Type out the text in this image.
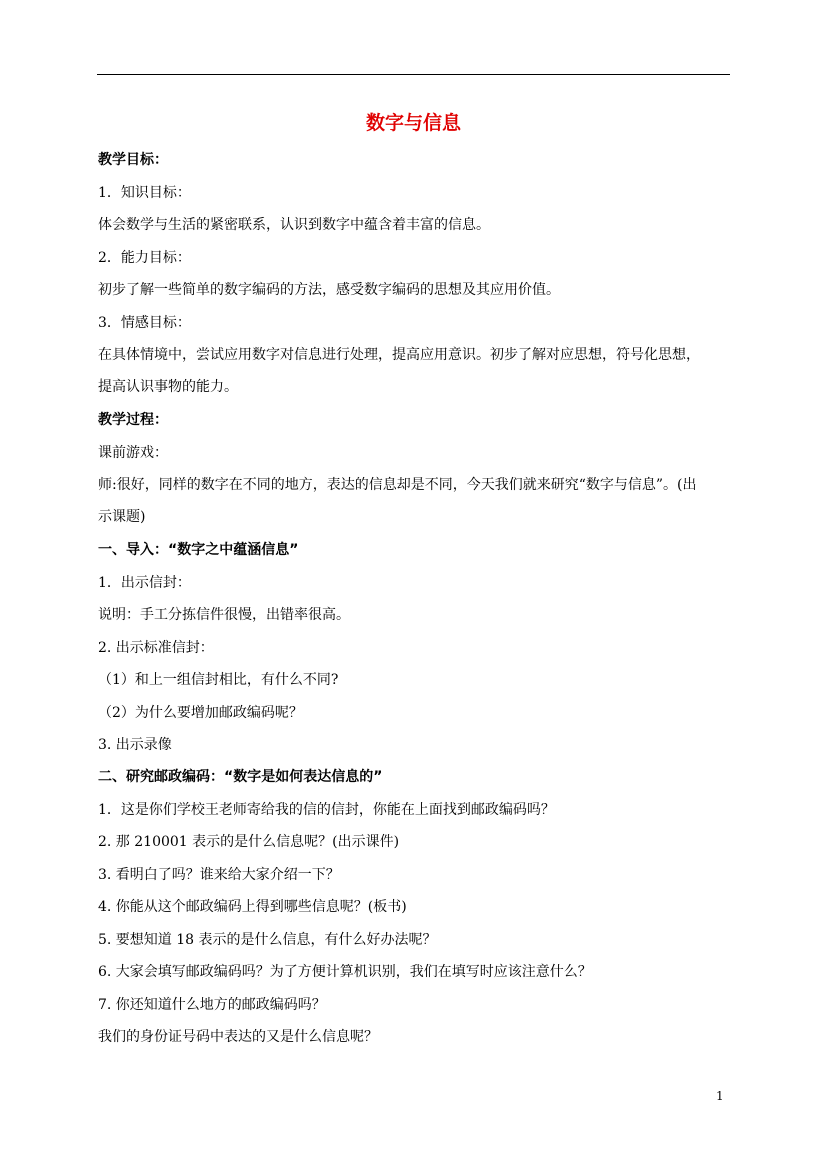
数字与信息
教学目标：
1．知识目标：
体会数学与生活的紧密联系，认识到数字中蕴含着丰富的信息。
2．能力目标：
初步了解一些简单的数字编码的方法，感受数字编码的思想及其应用价值。
3．情感目标：
在具体情境中，尝试应用数字对信息进行处理，提高应用意识。初步了解对应思想，符号化思想，
提高认识事物的能力。
教学过程：
课前游戏：
师:很好，同样的数字在不同的地方，表达的信息却是不同，今天我们就来研究“数字与信息”。(出
示课题)
一、导入：“数字之中蕴涵信息”
1．出示信封：
说明：手工分拣信件很慢，出错率很高。
2. 出示标准信封：
（1）和上一组信封相比，有什么不同?
（2）为什么要增加邮政编码呢？
3. 出示录像
二、研究邮政编码：“数字是如何表达信息的”
1．这是你们学校王老师寄给我的信的信封，你能在上面找到邮政编码吗？
2. 那 210001 表示的是什么信息呢？(出示课件)
3. 看明白了吗？谁来给大家介绍一下？
4. 你能从这个邮政编码上得到哪些信息呢？(板书)
5. 要想知道 18 表示的是什么信息，有什么好办法呢？
6. 大家会填写邮政编码吗？为了方便计算机识别，我们在填写时应该注意什么？
7. 你还知道什么地方的邮政编码吗？
我们的身份证号码中表达的又是什么信息呢？
1
